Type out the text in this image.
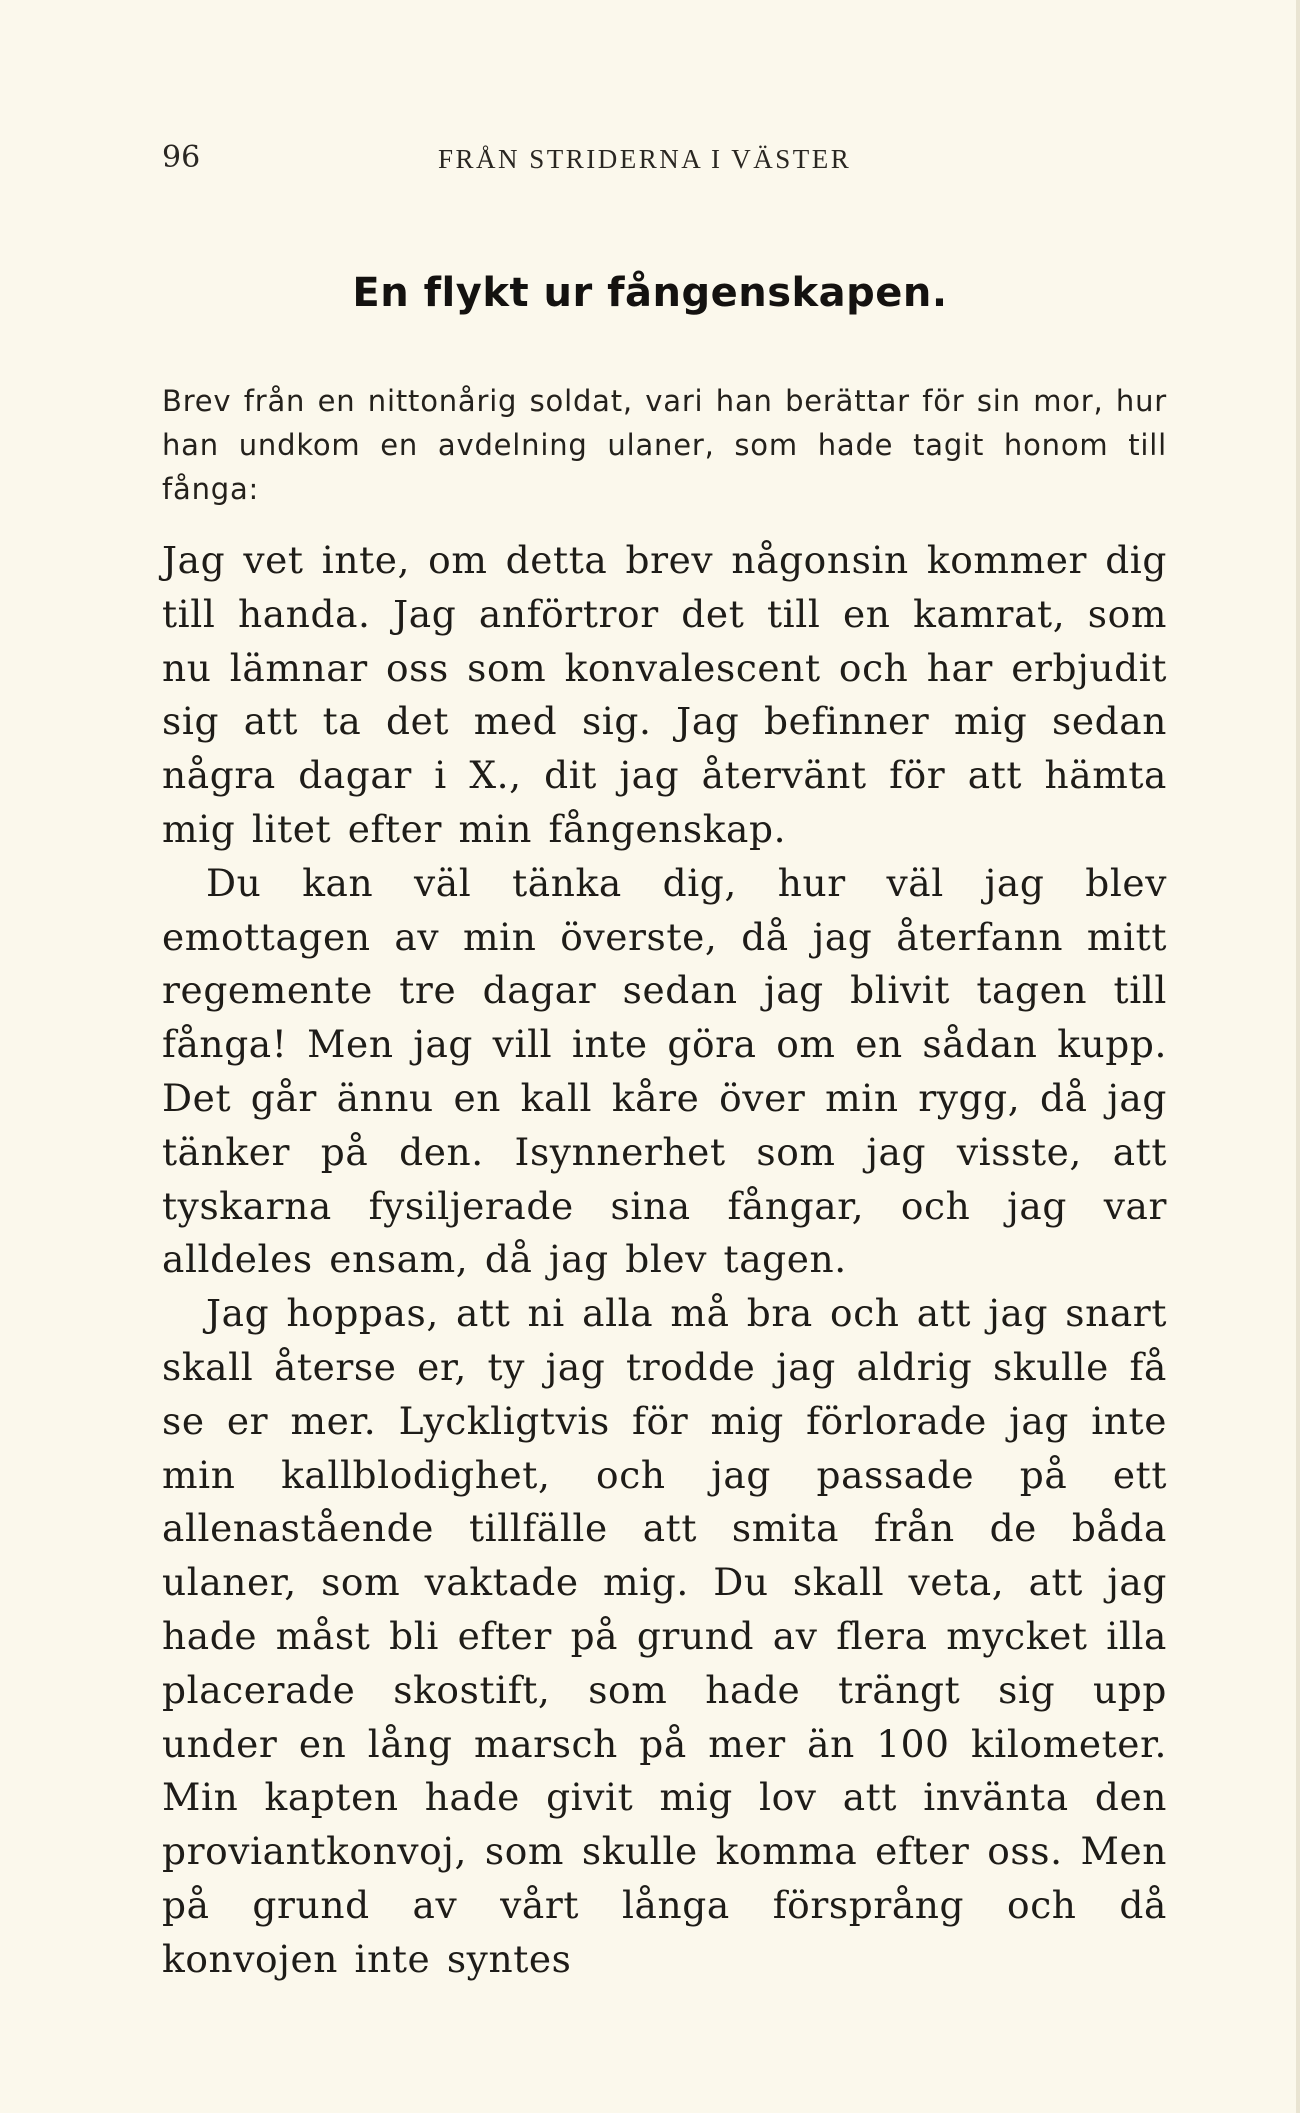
96	FRÅN STRIDERNA I VÄSTER
En flykt ur fångenskapen.
Brev från en nittonårig soldat, vari han berättar för sin mor, hur han undkom en avdelning ulaner, som hade tagit honom till fånga:

Jag vet inte, om detta brev någonsin kommer dig till handa. Jag anförtror det till en kamrat, som nu lämnar oss som konvalescent och har erbjudit sig att ta det med sig. Jag befinner mig sedan några dagar i X., dit jag återvänt för att hämta mig litet efter min fångenskap.

Du kan väl tänka dig, hur väl jag blev emottagen av min överste, då jag återfann mitt regemente tre dagar sedan jag blivit tagen till fånga! Men jag vill inte göra om en sådan kupp. Det går ännu en kall kåre över min rygg, då jag tänker på den. Isynnerhet som jag visste, att tyskarna fysiljerade sina fångar, och jag var alldeles ensam, då jag blev tagen.

Jag hoppas, att ni alla må bra och att jag snart skall återse er, ty jag trodde jag aldrig skulle få se er mer. Lyckligtvis för mig förlorade jag inte min kallblodighet, och jag passade på ett allenastående tillfälle att smita från de båda ulaner, som vaktade mig. Du skall veta, att jag hade måst bli efter på grund av flera mycket illa placerade skostift, som hade trängt sig upp under en lång marsch på mer än 100 kilometer. Min kapten hade givit mig lov att invänta den proviantkonvoj, som skulle komma efter oss. Men på grund av vårt långa försprång och då konvojen inte syntes
